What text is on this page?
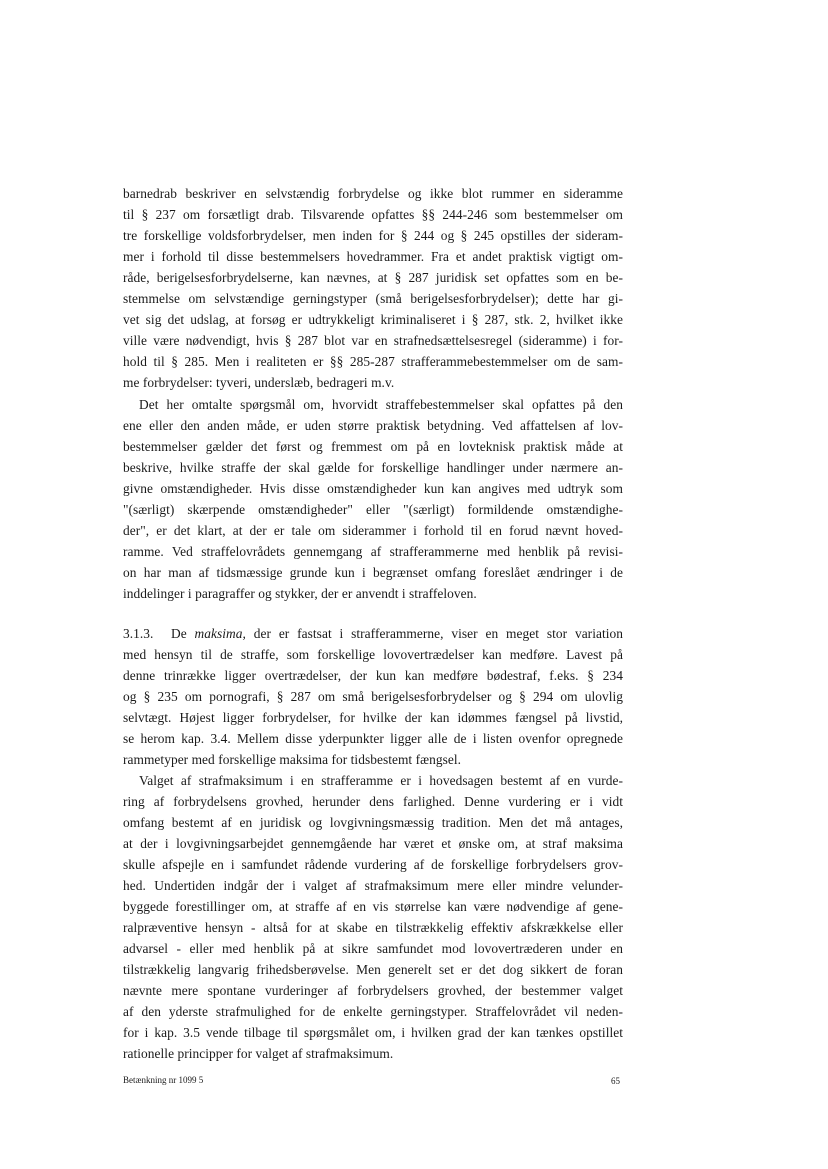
barnedrab beskriver en selvstændig forbrydelse og ikke blot rummer en sideramme
til § 237 om forsætligt drab. Tilsvarende opfattes §§ 244-246 som bestemmelser om
tre forskellige voldsforbrydelser, men inden for § 244 og § 245 opstilles der sideram-
mer i forhold til disse bestemmelsers hovedrammer. Fra et andet praktisk vigtigt om-
råde, berigelsesforbrydelserne, kan nævnes, at § 287 juridisk set opfattes som en be-
stemmelse om selvstændige gerningstyper (små berigelsesforbrydelser); dette har gi-
vet sig det udslag, at forsøg er udtrykkeligt kriminaliseret i § 287, stk. 2, hvilket ikke
ville være nødvendigt, hvis § 287 blot var en strafnedsættelsesregel (sideramme) i for-
hold til § 285. Men i realiteten er §§ 285-287 strafferammebestemmelser om de sam-
me forbrydelser: tyveri, underslæb, bedrageri m.v.
Det her omtalte spørgsmål om, hvorvidt straffebestemmelser skal opfattes på den
ene eller den anden måde, er uden større praktisk betydning. Ved affattelsen af lov-
bestemmelser gælder det først og fremmest om på en lovteknisk praktisk måde at
beskrive, hvilke straffe der skal gælde for forskellige handlinger under nærmere an-
givne omstændigheder. Hvis disse omstændigheder kun kan angives med udtryk som
"(særligt) skærpende omstændigheder" eller "(særligt) formildende omstændighe-
der", er det klart, at der er tale om siderammer i forhold til en forud nævnt hoved-
ramme. Ved straffelovrådets gennemgang af strafferammerne med henblik på revisi-
on har man af tidsmæssige grunde kun i begrænset omfang foreslået ændringer i de
inddelinger i paragraffer og stykker, der er anvendt i straffeloven.
3.1.3. De maksima, der er fastsat i strafferammerne, viser en meget stor variation
med hensyn til de straffe, som forskellige lovovertrædelser kan medføre. Lavest på
denne trinrække ligger overtrædelser, der kun kan medføre bødestraf, f.eks. § 234
og § 235 om pornografi, § 287 om små berigelsesforbrydelser og § 294 om ulovlig
selvtægt. Højest ligger forbrydelser, for hvilke der kan idømmes fængsel på livstid,
se herom kap. 3.4. Mellem disse yderpunkter ligger alle de i listen ovenfor opregnede
rammetyper med forskellige maksima for tidsbestemt fængsel.
Valget af strafmaksimum i en strafferamme er i hovedsagen bestemt af en vurde-
ring af forbrydelsens grovhed, herunder dens farlighed. Denne vurdering er i vidt
omfang bestemt af en juridisk og lovgivningsmæssig tradition. Men det må antages,
at der i lovgivningsarbejdet gennemgående har været et ønske om, at straf maksima
skulle afspejle en i samfundet rådende vurdering af de forskellige forbrydelsers grov-
hed. Undertiden indgår der i valget af strafmaksimum mere eller mindre velunder-
byggede forestillinger om, at straffe af en vis størrelse kan være nødvendige af gene-
ralpræventive hensyn - altså for at skabe en tilstrækkelig effektiv afskrækkelse eller
advarsel - eller med henblik på at sikre samfundet mod lovovertræderen under en
tilstrækkelig langvarig frihedsberøvelse. Men generelt set er det dog sikkert de foran
nævnte mere spontane vurderinger af forbrydelsers grovhed, der bestemmer valget
af den yderste strafmulighed for de enkelte gerningstyper. Straffelovrådet vil neden-
for i kap. 3.5 vende tilbage til spørgsmålet om, i hvilken grad der kan tænkes opstillet
rationelle principper for valget af strafmaksimum.
Betænkning nr 1099 5	65
